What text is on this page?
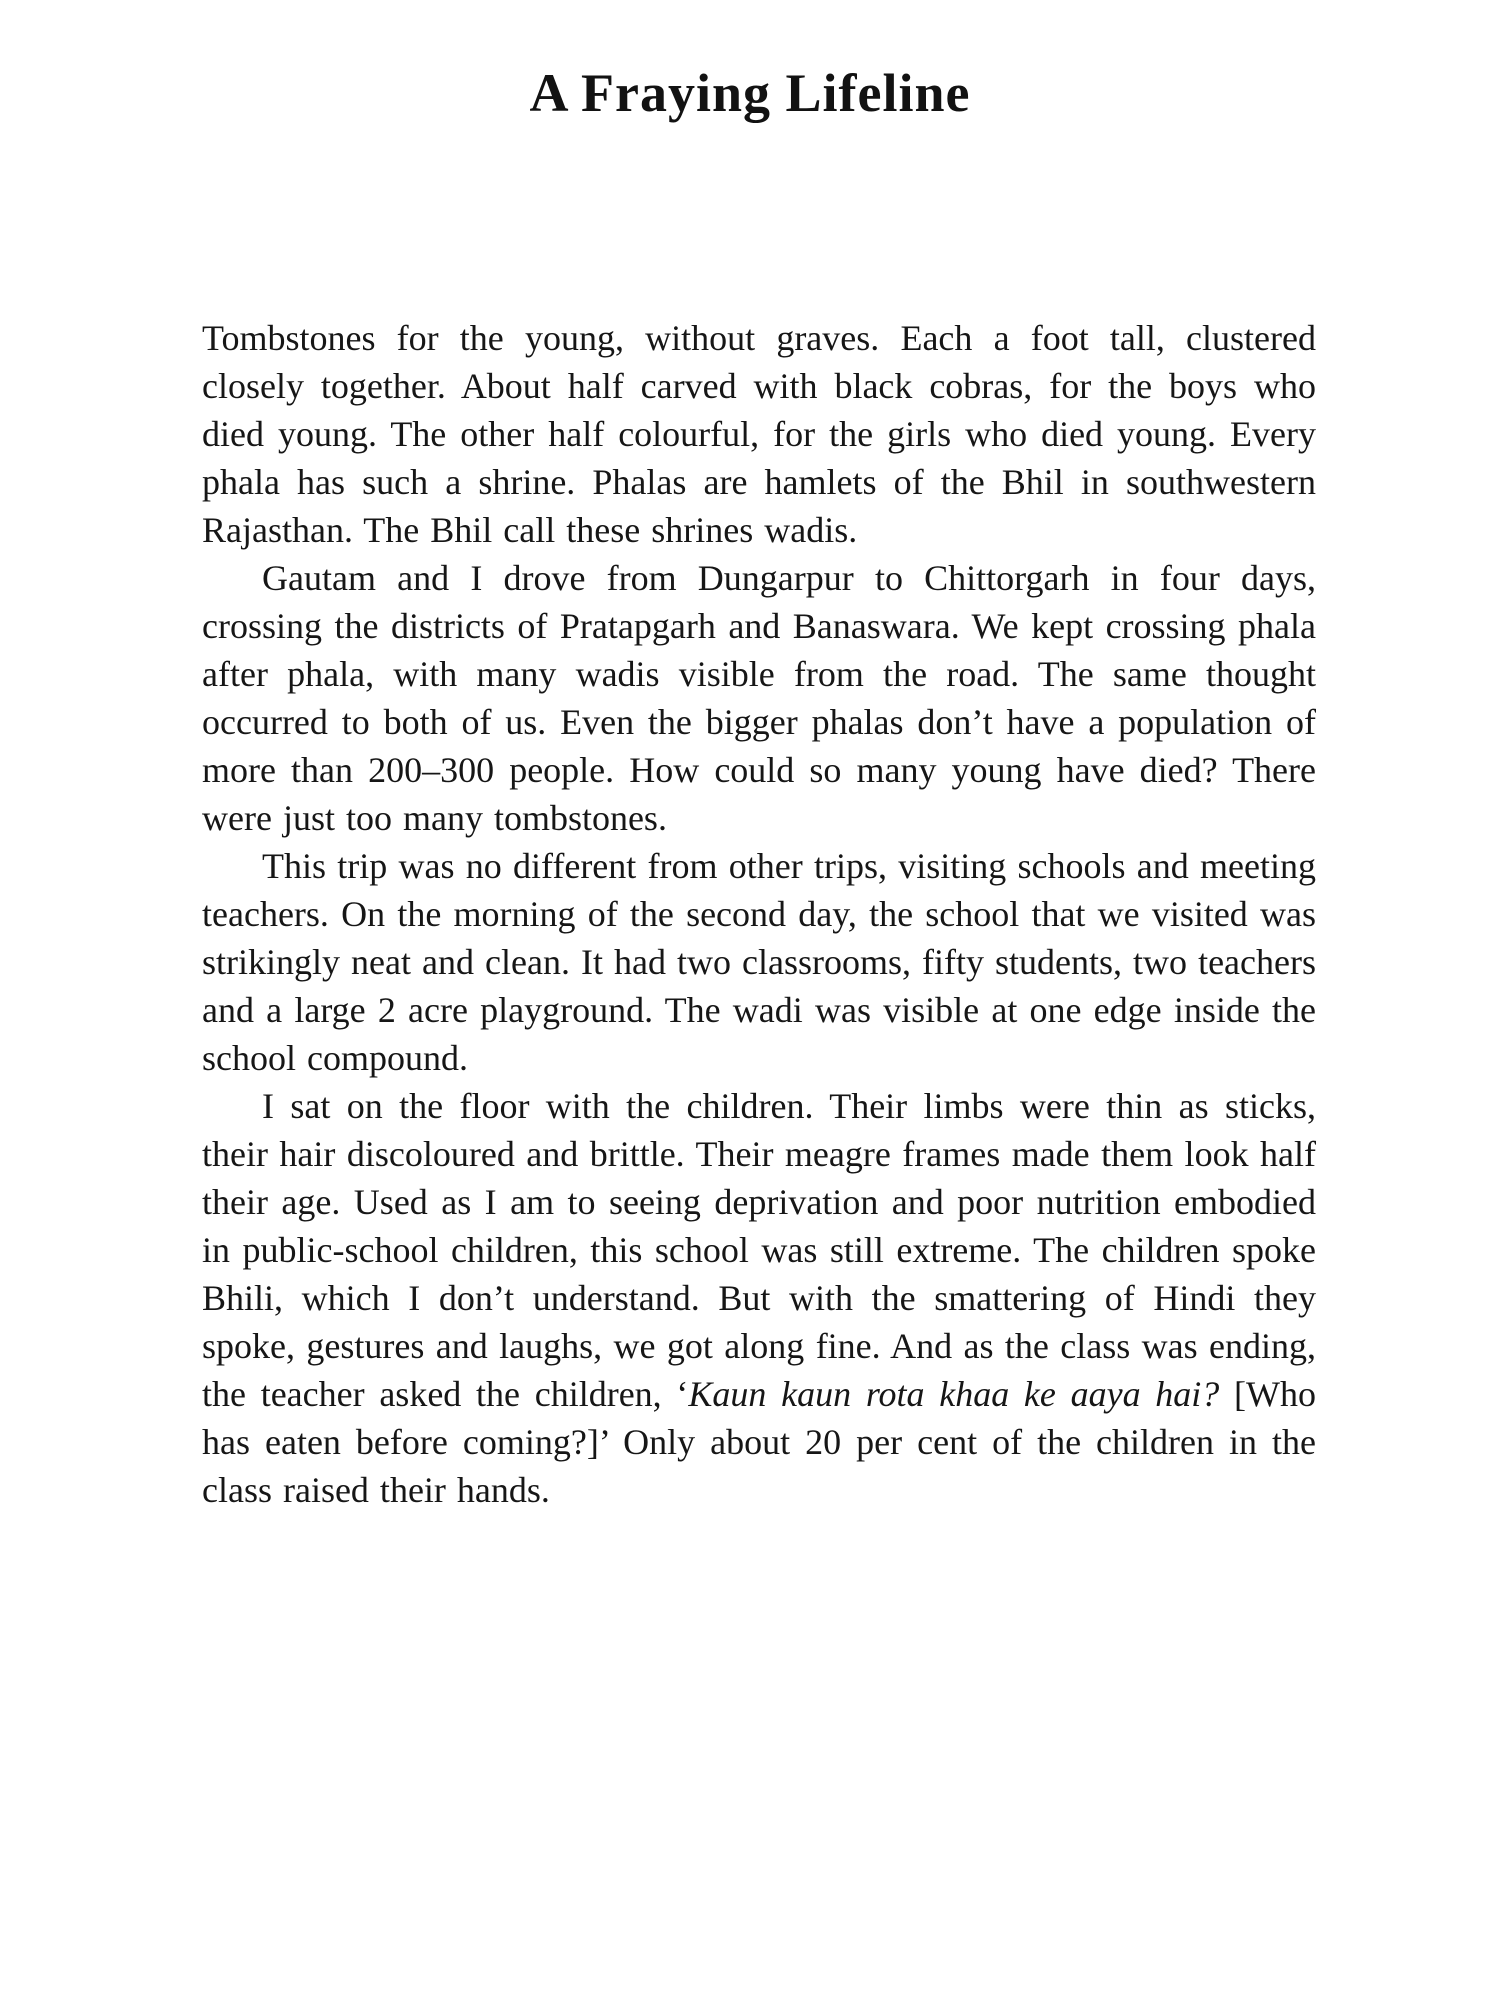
A Fraying Lifeline

Tombstones for the young, without graves. Each a foot tall, clustered closely together. About half carved with black cobras, for the boys who died young. The other half colourful, for the girls who died young. Every phala has such a shrine. Phalas are hamlets of the Bhil in southwestern Rajasthan. The Bhil call these shrines wadis.

Gautam and I drove from Dungarpur to Chittorgarh in four days, crossing the districts of Pratapgarh and Banaswara. We kept crossing phala after phala, with many wadis visible from the road. The same thought occurred to both of us. Even the bigger phalas don’t have a population of more than 200–300 people. How could so many young have died? There were just too many tombstones.

This trip was no different from other trips, visiting schools and meeting teachers. On the morning of the second day, the school that we visited was strikingly neat and clean. It had two classrooms, fifty students, two teachers and a large 2 acre playground. The wadi was visible at one edge inside the school compound.

I sat on the floor with the children. Their limbs were thin as sticks, their hair discoloured and brittle. Their meagre frames made them look half their age. Used as I am to seeing deprivation and poor nutrition embodied in public-school children, this school was still extreme. The children spoke Bhili, which I don’t understand. But with the smattering of Hindi they spoke, gestures and laughs, we got along fine. And as the class was ending, the teacher asked the children, ‘Kaun kaun rota khaa ke aaya hai? [Who has eaten before coming?]’ Only about 20 per cent of the children in the class raised their hands.
